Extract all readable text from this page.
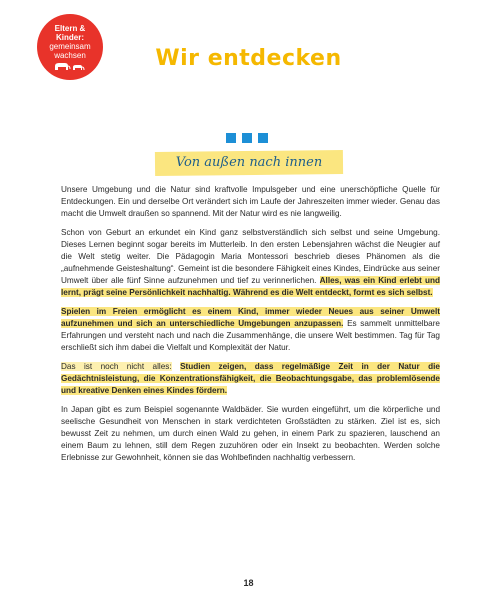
Eltern &
Kinder:
gemeinsam
wachsen	Wir entdecken
Von außen nach innen

Unsere Umgebung und die Natur sind kraftvolle Impulsgeber und eine unerschöpfliche Quelle für Entdeckungen. Ein und derselbe Ort verändert sich im Laufe der Jahreszeiten immer wieder. Genau das macht die Umwelt draußen so spannend. Mit der Natur wird es nie langweilig.

Schon von Geburt an erkundet ein Kind ganz selbstverständlich sich selbst und seine Umgebung. Dieses Lernen beginnt sogar bereits im Mutterleib. In den ersten Lebensjahren wächst die Neugier auf die Welt stetig weiter. Die Pädagogin Maria Montessori beschrieb dieses Phänomen als die „aufnehmende Geisteshaltung“. Gemeint ist die besondere Fähigkeit eines Kindes, Eindrücke aus seiner Umwelt über alle fünf Sinne aufzunehmen und tief zu verinnerlichen. Alles, was ein Kind erlebt und lernt, prägt seine Persönlichkeit nachhaltig. Während es die Welt entdeckt, formt es sich selbst.

Spielen im Freien ermöglicht es einem Kind, immer wieder Neues aus seiner Umwelt aufzunehmen und sich an unterschiedliche Umgebungen anzupassen. Es sammelt unmittelbare Erfahrungen und versteht nach und nach die Zusammenhänge, die unsere Welt bestimmen. Tag für Tag erschließt sich ihm dabei die Vielfalt und Komplexität der Natur.

Das ist noch nicht alles: Studien zeigen, dass regelmäßige Zeit in der Natur die Gedächtnisleistung, die Konzentrationsfähigkeit, die Beobachtungsgabe, das problemlösende und kreative Denken eines Kindes fördern.

In Japan gibt es zum Beispiel sogenannte Waldbäder. Sie wurden eingeführt, um die körperliche und seelische Gesundheit von Menschen in stark verdichteten Großstädten zu stärken. Ziel ist es, sich bewusst Zeit zu nehmen, um durch einen Wald zu gehen, in einem Park zu spazieren, lauschend an einem Baum zu lehnen, still dem Regen zuzuhören oder ein Insekt zu beobachten. Werden solche Erlebnisse zur Gewohnheit, können sie das Wohlbefinden nachhaltig verbessern.

18
